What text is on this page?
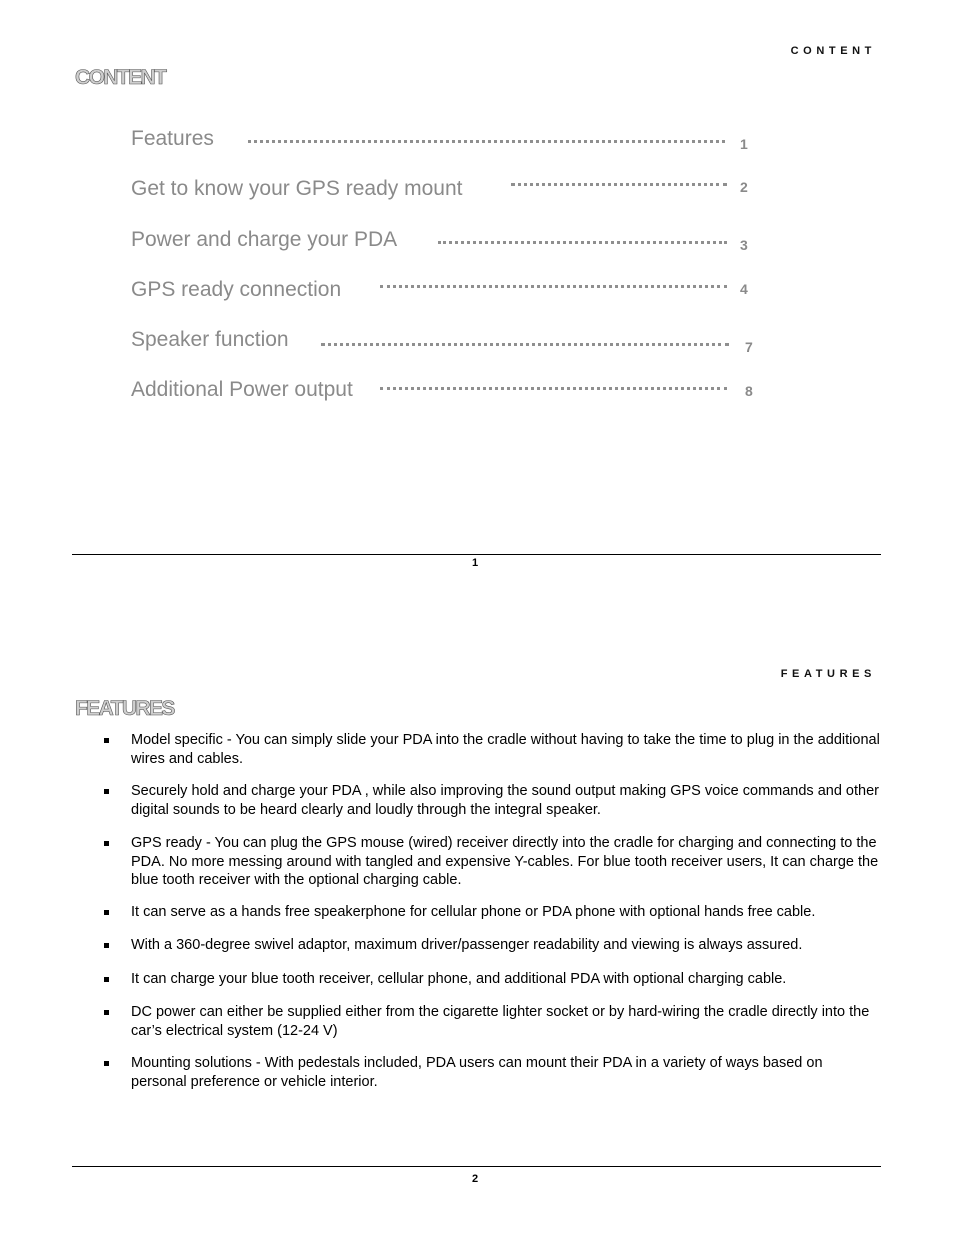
CONTENT
CONTENT
Features	1
Get to know your GPS ready mount	2
Power and charge your PDA	3
GPS ready connection	4
Speaker function	7
Additional Power output	8
1
FEATURES
FEATURES
Model specific - You can simply slide your PDA into the cradle without having to take the time to plug in the additional wires and cables.
Securely hold and charge your PDA , while also improving the sound output making GPS voice commands and other digital sounds to be heard clearly and loudly through the integral speaker.
GPS ready - You can plug the GPS mouse (wired) receiver directly into the cradle for charging and connecting to the PDA. No more messing around with tangled and expensive Y-cables. For blue tooth receiver users, It can charge the blue tooth receiver with the optional charging cable.
It can serve as a hands free speakerphone for cellular phone or PDA phone with optional hands free cable.
With a 360-degree swivel adaptor, maximum driver/passenger readability and viewing is always assured.
It can charge your blue tooth receiver, cellular phone, and additional PDA with optional charging cable.
DC power can either be supplied either from the cigarette lighter socket or by hard-wiring the cradle directly into the car’s electrical system (12-24 V)
Mounting solutions - With pedestals included, PDA users can mount their PDA in a variety of ways based on personal preference or vehicle interior.
2
